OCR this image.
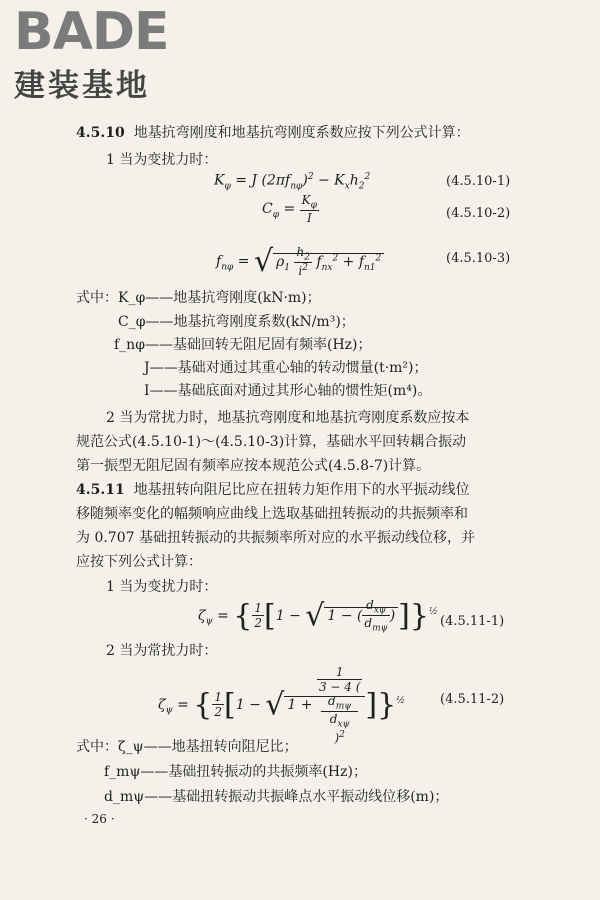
BADE
建装基地
4.5.10 地基抗弯刚度和地基抗弯刚度系数应按下列公式计算：
1 当为变扰力时：
$K_\varphi = J$ $(2\pi f_{n\varphi})^2 - K_xh_2^2$	(4.5.10-1)
$C_\varphi = \frac{K_\varphi}{I}$	(4.5.10-2)
$f_{n\varphi}$ = √ $\rho_1 \frac{h_2}{i^2} f_{nx}^2 + f_{n1}^2$	(4.5.10-3)
式中：K_φ——地基抗弯刚度(kN·m)；
C_φ——地基抗弯刚度系数(kN/m³)；
f_nφ——基础回转无阻尼固有频率(Hz)；
J——基础对通过其重心轴的转动惯量(t·m²)；
I——基础底面对通过其形心轴的惯性矩(m⁴)。
2 当为常扰力时，地基抗弯刚度和地基抗弯刚度系数应按本
规范公式(4.5.10-1)～(4.5.10-3)计算，基础水平回转耦合振动
第一振型无阻尼固有频率应按本规范公式(4.5.8-7)计算。
4.5.11 地基扭转向阻尼比应在扭转力矩作用下的水平振动线位
移随频率变化的幅频响应曲线上选取基础扭转振动的共振频率和
为 0.707 基础扭转振动的共振频率所对应的水平振动线位移，并
应按下列公式计算：
1 当为变扰力时：
$\zeta_\psi$ = { $\frac{1}{2} [1$ − √ 1 − ( $\frac{d_{x\psi}}{d_{m\psi}}$ ) ]}$^{\frac{1}{2}}$
(4.5.11-1)
2 当为常扰力时：
$\zeta_\psi$ = { $\frac{1}{2} [1$ − √ 1 + 1
3 − 4 (
$d_{m\psi}$
$d_{x\psi}$
)$^2$ ]}$^{\frac{1}{2}}$	(4.5.11-2)
式中：ζ_ψ——地基扭转向阻尼比；
f_mψ——基础扭转振动的共振频率(Hz)；
d_mψ——基础扭转振动共振峰点水平振动线位移(m)；
· 26 ·
